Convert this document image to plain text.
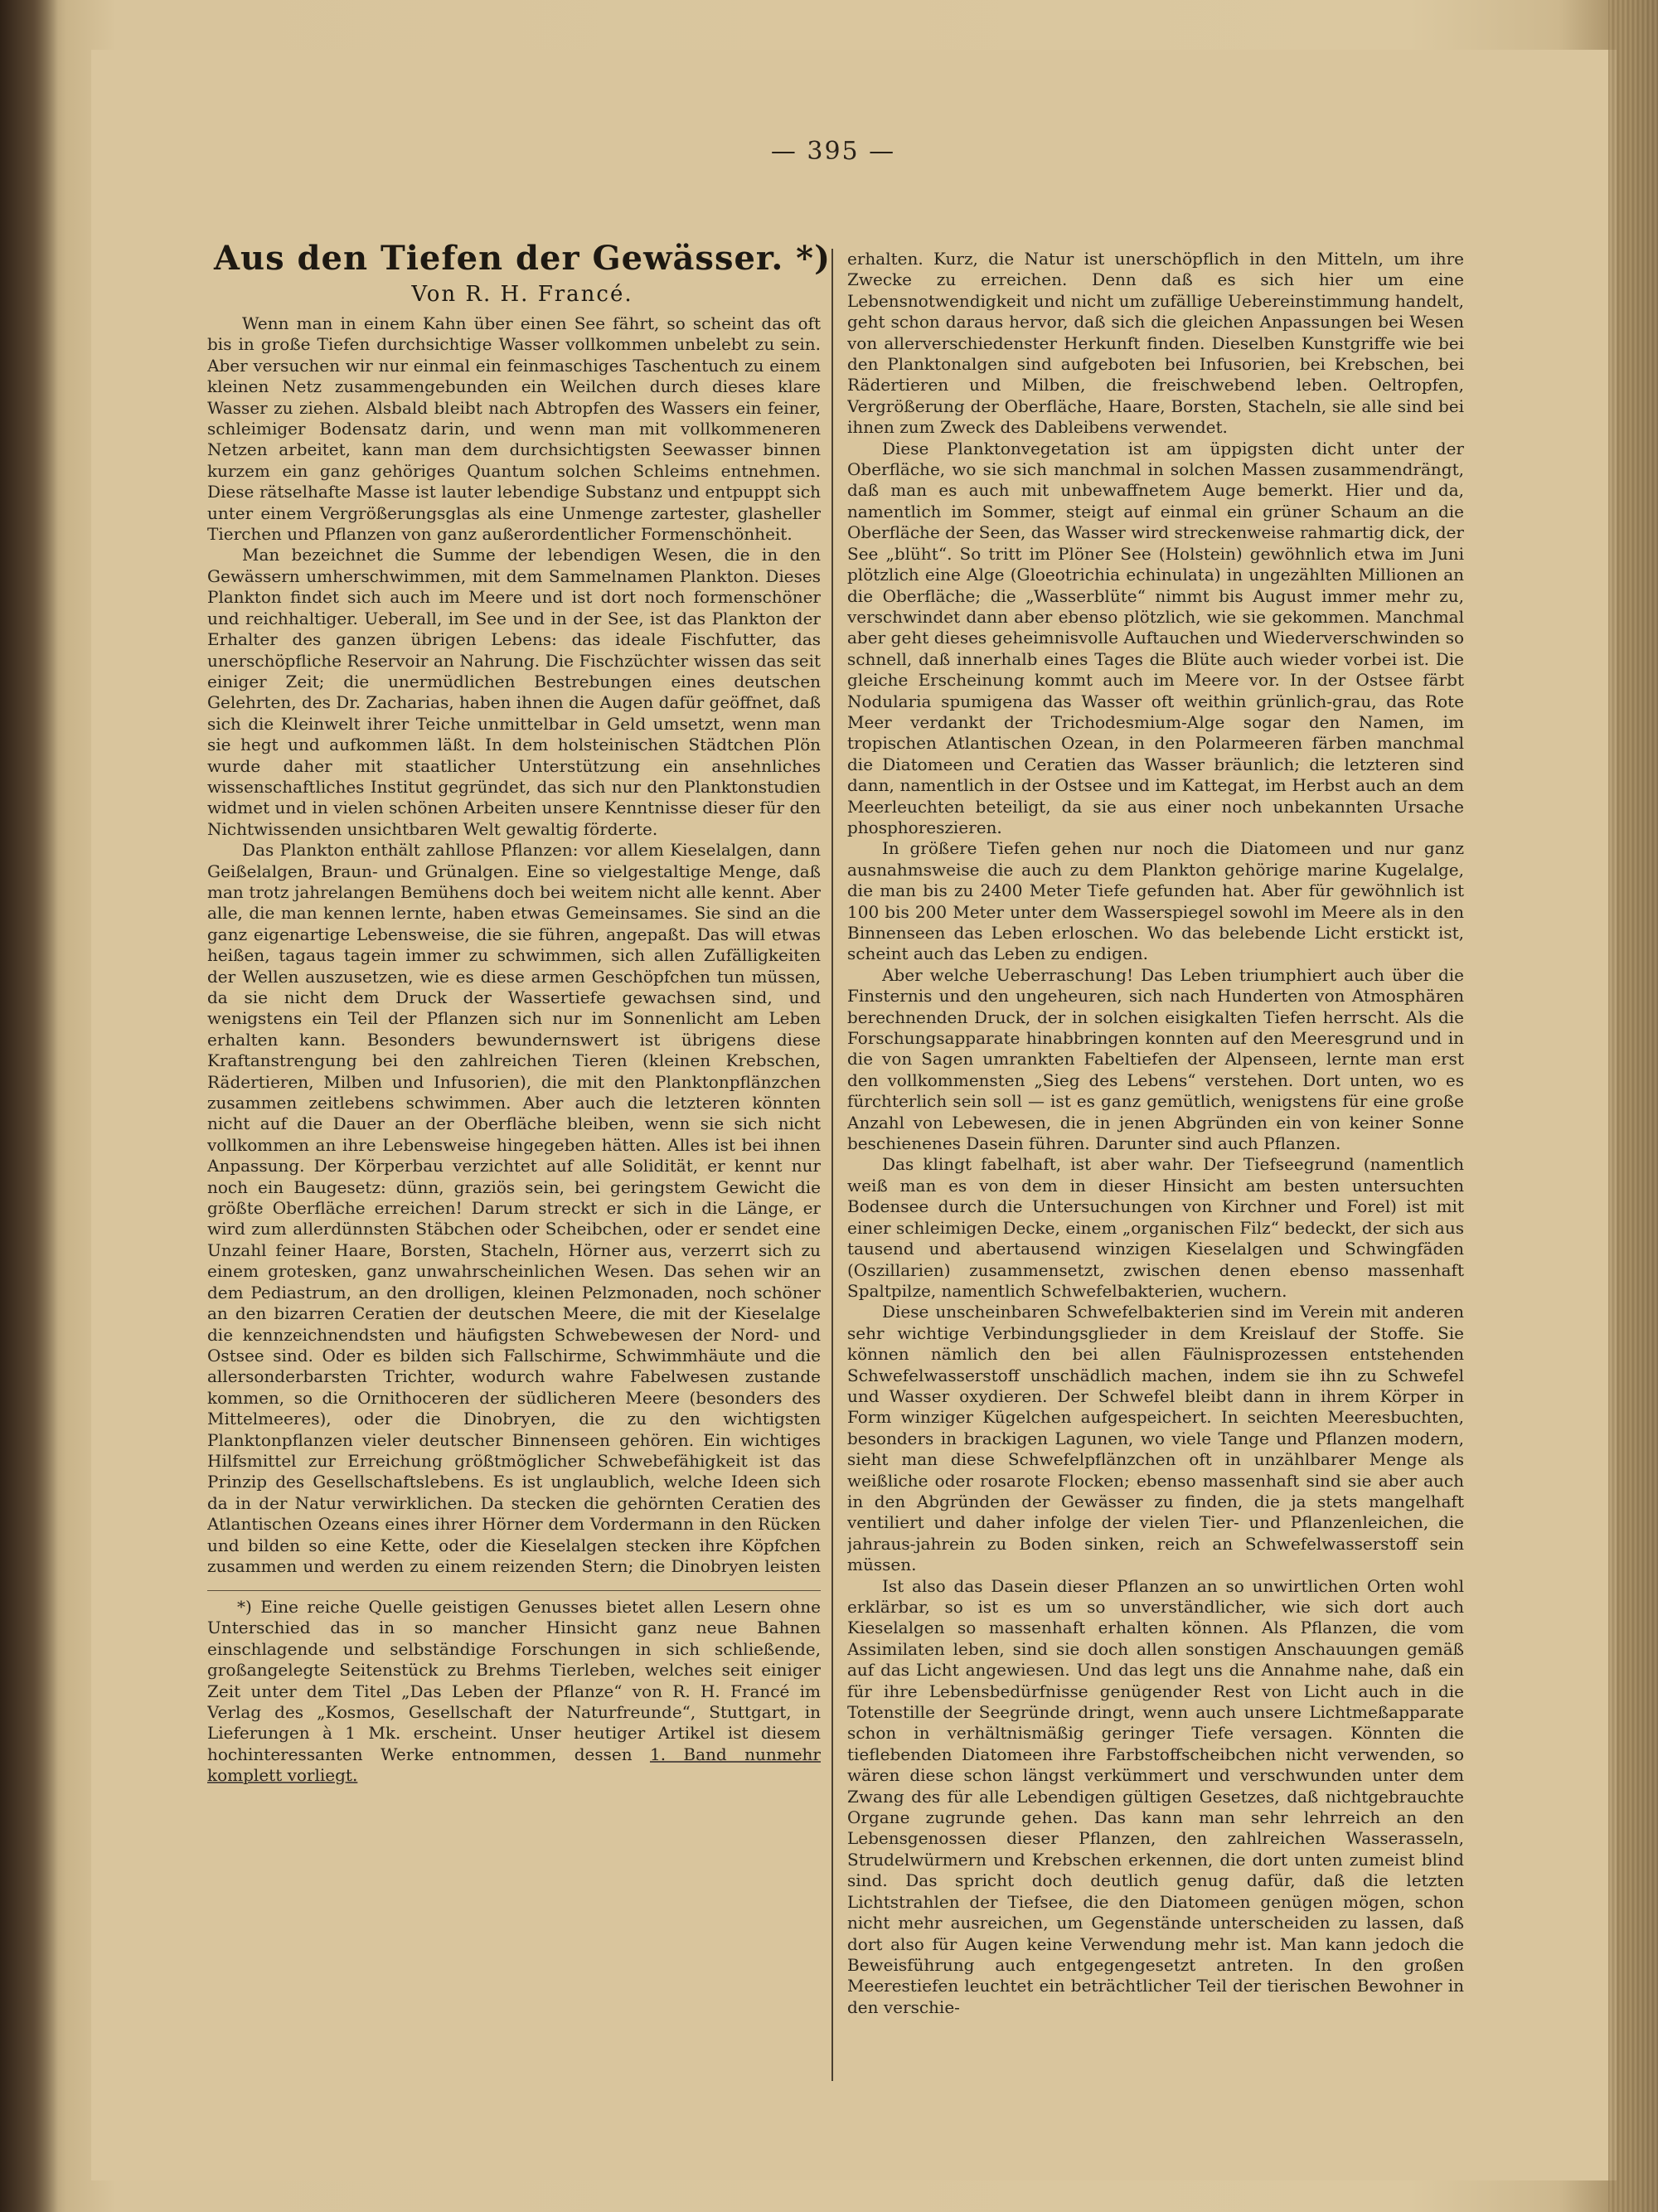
— 395 —
Aus den Tiefen der Gewässer. *)
Von R. H. Francé.

Wenn man in einem Kahn über einen See fährt, so scheint das oft bis in große Tiefen durchsichtige Wasser vollkommen unbelebt zu sein. Aber versuchen wir nur einmal ein feinmaschiges Taschentuch zu einem kleinen Netz zusammengebunden ein Weilchen durch dieses klare Wasser zu ziehen. Alsbald bleibt nach Abtropfen des Wassers ein feiner, schleimiger Bodensatz darin, und wenn man mit vollkommeneren Netzen arbeitet, kann man dem durchsichtigsten Seewasser binnen kurzem ein ganz gehöriges Quantum solchen Schleims entnehmen. Diese rätselhafte Masse ist lauter lebendige Substanz und entpuppt sich unter einem Vergrößerungsglas als eine Unmenge zartester, glasheller Tierchen und Pflanzen von ganz außerordentlicher Formenschönheit.

Man bezeichnet die Summe der lebendigen Wesen, die in den Gewässern umherschwimmen, mit dem Sammelnamen Plankton. Dieses Plankton findet sich auch im Meere und ist dort noch formenschöner und reichhaltiger. Ueberall, im See und in der See, ist das Plankton der Erhalter des ganzen übrigen Lebens: das ideale Fischfutter, das unerschöpfliche Reservoir an Nahrung. Die Fischzüchter wissen das seit einiger Zeit; die unermüdlichen Bestrebungen eines deutschen Gelehrten, des Dr. Zacharias, haben ihnen die Augen dafür geöffnet, daß sich die Kleinwelt ihrer Teiche unmittelbar in Geld umsetzt, wenn man sie hegt und aufkommen läßt. In dem holsteinischen Städtchen Plön wurde daher mit staatlicher Unterstützung ein ansehnliches wissenschaftliches Institut gegründet, das sich nur den Planktonstudien widmet und in vielen schönen Arbeiten unsere Kenntnisse dieser für den Nichtwissenden unsichtbaren Welt gewaltig förderte.

Das Plankton enthält zahllose Pflanzen: vor allem Kieselalgen, dann Geißelalgen, Braun- und Grünalgen. Eine so vielgestaltige Menge, daß man trotz jahrelangen Bemühens doch bei weitem nicht alle kennt. Aber alle, die man kennen lernte, haben etwas Gemeinsames. Sie sind an die ganz eigenartige Lebensweise, die sie führen, angepaßt. Das will etwas heißen, tagaus tagein immer zu schwimmen, sich allen Zufälligkeiten der Wellen auszusetzen, wie es diese armen Geschöpfchen tun müssen, da sie nicht dem Druck der Wassertiefe gewachsen sind, und wenigstens ein Teil der Pflanzen sich nur im Sonnenlicht am Leben erhalten kann. Besonders bewundernswert ist übrigens diese Kraftanstrengung bei den zahlreichen Tieren (kleinen Krebschen, Rädertieren, Milben und Infusorien), die mit den Planktonpflänzchen zusammen zeitlebens schwimmen. Aber auch die letzteren könnten nicht auf die Dauer an der Oberfläche bleiben, wenn sie sich nicht vollkommen an ihre Lebensweise hingegeben hätten. Alles ist bei ihnen Anpassung. Der Körperbau verzichtet auf alle Solidität, er kennt nur noch ein Baugesetz: dünn, graziös sein, bei geringstem Gewicht die größte Oberfläche erreichen! Darum streckt er sich in die Länge, er wird zum allerdünnsten Stäbchen oder Scheibchen, oder er sendet eine Unzahl feiner Haare, Borsten, Stacheln, Hörner aus, verzerrt sich zu einem grotesken, ganz unwahrscheinlichen Wesen. Das sehen wir an dem Pediastrum, an den drolligen, kleinen Pelzmonaden, noch schöner an den bizarren Ceratien der deutschen Meere, die mit der Kieselalge die kennzeichnendsten und häufigsten Schwebewesen der Nord- und Ostsee sind. Oder es bilden sich Fallschirme, Schwimmhäute und die allersonderbarsten Trichter, wodurch wahre Fabelwesen zustande kommen, so die Ornithoceren der südlicheren Meere (besonders des Mittelmeeres), oder die Dinobryen, die zu den wichtigsten Planktonpflanzen vieler deutscher Binnenseen gehören. Ein wichtiges Hilfsmittel zur Erreichung größtmöglicher Schwebefähigkeit ist das Prinzip des Gesellschaftslebens. Es ist unglaublich, welche Ideen sich da in der Natur verwirklichen. Da stecken die gehörnten Ceratien des Atlantischen Ozeans eines ihrer Hörner dem Vordermann in den Rücken und bilden so eine Kette, oder die Kieselalgen stecken ihre Köpfchen zusammen und werden zu einem reizenden Stern; die Dinobryen leisten

*) Eine reiche Quelle geistigen Genusses bietet allen Lesern ohne Unterschied das in so mancher Hinsicht ganz neue Bahnen einschlagende und selbständige Forschungen in sich schließende, großangelegte Seitenstück zu Brehms Tierleben, welches seit einiger Zeit unter dem Titel „Das Leben der Pflanze“ von R. H. Francé im Verlag des „Kosmos, Gesellschaft der Naturfreunde“, Stuttgart, in Lieferungen à 1 Mk. erscheint. Unser heutiger Artikel ist diesem hochinteressanten Werke entnommen, dessen 1. Band nunmehr komplett vorliegt.

erhalten. Kurz, die Natur ist unerschöpflich in den Mitteln, um ihre Zwecke zu erreichen. Denn daß es sich hier um eine Lebensnotwendigkeit und nicht um zufällige Uebereinstimmung handelt, geht schon daraus hervor, daß sich die gleichen Anpassungen bei Wesen von allerverschiedenster Herkunft finden. Dieselben Kunstgriffe wie bei den Planktonalgen sind aufgeboten bei Infusorien, bei Krebschen, bei Rädertieren und Milben, die freischwebend leben. Oeltropfen, Vergrößerung der Oberfläche, Haare, Borsten, Stacheln, sie alle sind bei ihnen zum Zweck des Dableibens verwendet.

Diese Planktonvegetation ist am üppigsten dicht unter der Oberfläche, wo sie sich manchmal in solchen Massen zusammendrängt, daß man es auch mit unbewaffnetem Auge bemerkt. Hier und da, namentlich im Sommer, steigt auf einmal ein grüner Schaum an die Oberfläche der Seen, das Wasser wird streckenweise rahmartig dick, der See „blüht“. So tritt im Plöner See (Holstein) gewöhnlich etwa im Juni plötzlich eine Alge (Gloeotrichia echinulata) in ungezählten Millionen an die Oberfläche; die „Wasserblüte“ nimmt bis August immer mehr zu, verschwindet dann aber ebenso plötzlich, wie sie gekommen. Manchmal aber geht dieses geheimnisvolle Auftauchen und Wiederverschwinden so schnell, daß innerhalb eines Tages die Blüte auch wieder vorbei ist. Die gleiche Erscheinung kommt auch im Meere vor. In der Ostsee färbt Nodularia spumigena das Wasser oft weithin grünlich-grau, das Rote Meer verdankt der Trichodesmium-Alge sogar den Namen, im tropischen Atlantischen Ozean, in den Polarmeeren färben manchmal die Diatomeen und Ceratien das Wasser bräunlich; die letzteren sind dann, namentlich in der Ostsee und im Kattegat, im Herbst auch an dem Meerleuchten beteiligt, da sie aus einer noch unbekannten Ursache phosphoreszieren.

In größere Tiefen gehen nur noch die Diatomeen und nur ganz ausnahmsweise die auch zu dem Plankton gehörige marine Kugelalge, die man bis zu 2400 Meter Tiefe gefunden hat. Aber für gewöhnlich ist 100 bis 200 Meter unter dem Wasserspiegel sowohl im Meere als in den Binnenseen das Leben erloschen. Wo das belebende Licht erstickt ist, scheint auch das Leben zu endigen.

Aber welche Ueberraschung! Das Leben triumphiert auch über die Finsternis und den ungeheuren, sich nach Hunderten von Atmosphären berechnenden Druck, der in solchen eisigkalten Tiefen herrscht. Als die Forschungsapparate hinabbringen konnten auf den Meeresgrund und in die von Sagen umrankten Fabeltiefen der Alpenseen, lernte man erst den vollkommensten „Sieg des Lebens“ verstehen. Dort unten, wo es fürchterlich sein soll — ist es ganz gemütlich, wenigstens für eine große Anzahl von Lebewesen, die in jenen Abgründen ein von keiner Sonne beschienenes Dasein führen. Darunter sind auch Pflanzen.

Das klingt fabelhaft, ist aber wahr. Der Tiefseegrund (namentlich weiß man es von dem in dieser Hinsicht am besten untersuchten Bodensee durch die Untersuchungen von Kirchner und Forel) ist mit einer schleimigen Decke, einem „organischen Filz“ bedeckt, der sich aus tausend und abertausend winzigen Kieselalgen und Schwingfäden (Oszillarien) zusammensetzt, zwischen denen ebenso massenhaft Spaltpilze, namentlich Schwefelbakterien, wuchern.

Diese unscheinbaren Schwefelbakterien sind im Verein mit anderen sehr wichtige Verbindungsglieder in dem Kreislauf der Stoffe. Sie können nämlich den bei allen Fäulnisprozessen entstehenden Schwefelwasserstoff unschädlich machen, indem sie ihn zu Schwefel und Wasser oxydieren. Der Schwefel bleibt dann in ihrem Körper in Form winziger Kügelchen aufgespeichert. In seichten Meeresbuchten, besonders in brackigen Lagunen, wo viele Tange und Pflanzen modern, sieht man diese Schwefelpflänzchen oft in unzählbarer Menge als weißliche oder rosarote Flocken; ebenso massenhaft sind sie aber auch in den Abgründen der Gewässer zu finden, die ja stets mangelhaft ventiliert und daher infolge der vielen Tier- und Pflanzenleichen, die jahraus-jahrein zu Boden sinken, reich an Schwefelwasserstoff sein müssen.

Ist also das Dasein dieser Pflanzen an so unwirtlichen Orten wohl erklärbar, so ist es um so unverständlicher, wie sich dort auch Kieselalgen so massenhaft erhalten können. Als Pflanzen, die vom Assimilaten leben, sind sie doch allen sonstigen Anschauungen gemäß auf das Licht angewiesen. Und das legt uns die Annahme nahe, daß ein für ihre Lebensbedürfnisse genügender Rest von Licht auch in die Totenstille der Seegründe dringt, wenn auch unsere Lichtmeßapparate schon in verhältnismäßig geringer Tiefe versagen. Könnten die tieflebenden Diatomeen ihre Farbstoffscheibchen nicht verwenden, so wären diese schon längst verkümmert und verschwunden unter dem Zwang des für alle Lebendigen gültigen Gesetzes, daß nichtgebrauchte Organe zugrunde gehen. Das kann man sehr lehrreich an den Lebensgenossen dieser Pflanzen, den zahlreichen Wasserasseln, Strudelwürmern und Krebschen erkennen, die dort unten zumeist blind sind. Das spricht doch deutlich genug dafür, daß die letzten Lichtstrahlen der Tiefsee, die den Diatomeen genügen mögen, schon nicht mehr ausreichen, um Gegenstände unterscheiden zu lassen, daß dort also für Augen keine Verwendung mehr ist. Man kann jedoch die Beweisführung auch entgegengesetzt antreten. In den großen Meerestiefen leuchtet ein beträchtlicher Teil der tierischen Bewohner in den verschie-
